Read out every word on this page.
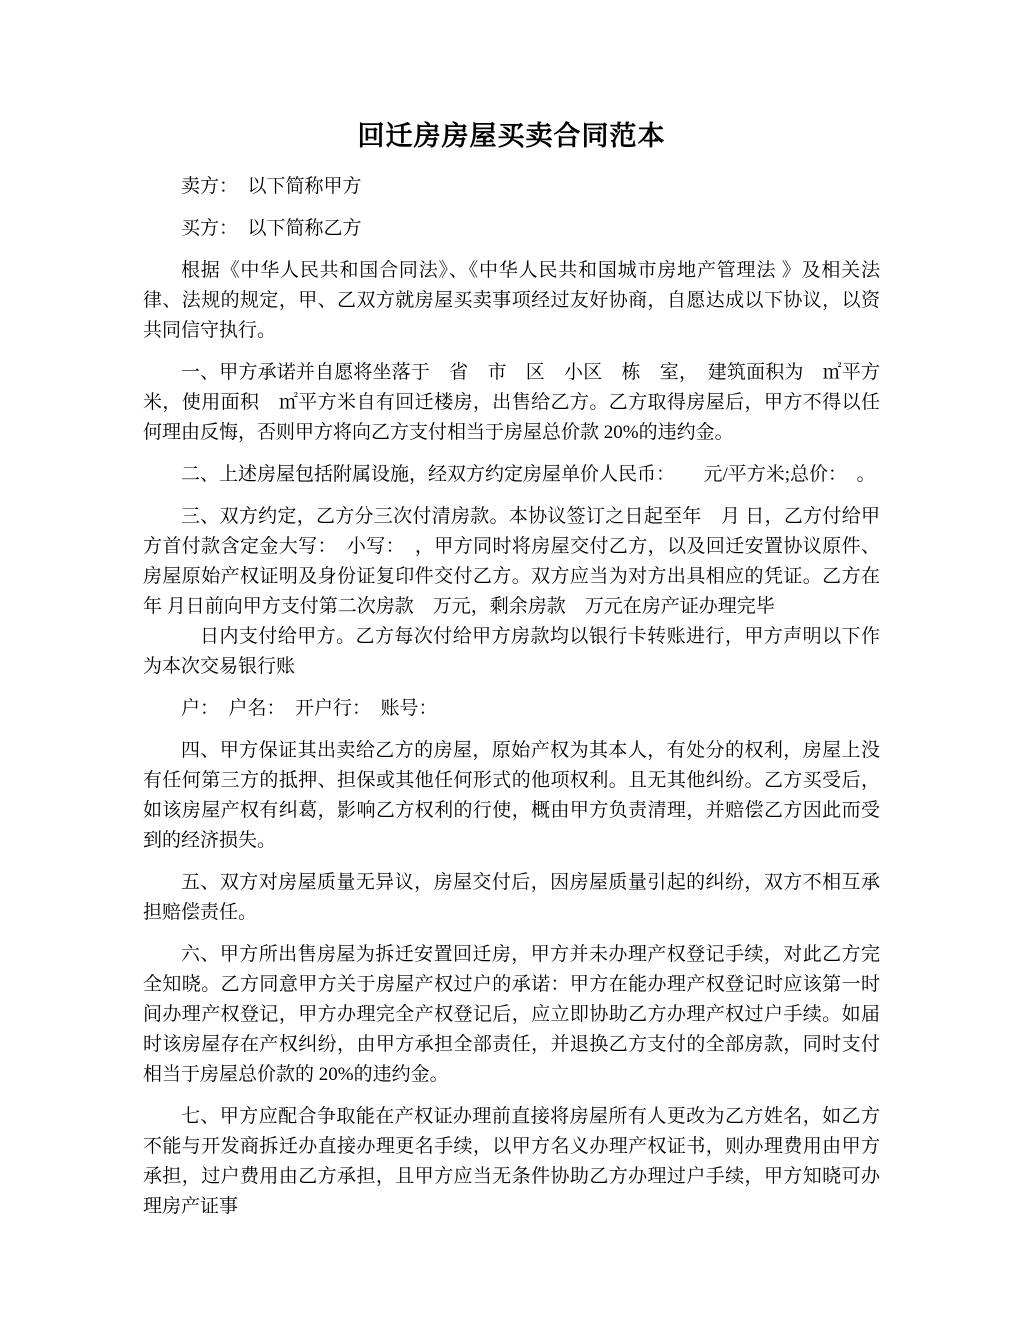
回迁房房屋买卖合同范本

卖方：　以下简称甲方

买方：　以下简称乙方

根据《中华人民共和国合同法》、《中华人民共和国城市房地产管理法 》及相关法律、法规的规定，甲、乙双方就房屋买卖事项经过友好协商，自愿达成以下协议，以资共同信守执行。

一、甲方承诺并自愿将坐落于　省　市　区　小区　栋　室，　建筑面积为　㎡平方米，使用面积　㎡平方米自有回迁楼房，出售给乙方。乙方取得房屋后，甲方不得以任何理由反悔，否则甲方将向乙方支付相当于房屋总价款 20%的违约金。

二、上述房屋包括附属设施，经双方约定房屋单价人民币：　　元/平方米;总价：　。

三、双方约定，乙方分三次付清房款。本协议签订之日起至年　月 日，乙方付给甲方首付款含定金大写：　小写：　，甲方同时将房屋交付乙方，以及回迁安置协议原件、房屋原始产权证明及身份证复印件交付乙方。双方应当为对方出具相应的凭证。乙方在　年 月日前向甲方支付第二次房款　万元，剩余房款　万元在房产证办理完毕

日内支付给甲方。乙方每次付给甲方房款均以银行卡转账进行，甲方声明以下作为本次交易银行账

户：　户名：　开户行：　账号：

四、甲方保证其出卖给乙方的房屋，原始产权为其本人，有处分的权利，房屋上没有任何第三方的抵押、担保或其他任何形式的他项权利。且无其他纠纷。乙方买受后，如该房屋产权有纠葛，影响乙方权利的行使，概由甲方负责清理，并赔偿乙方因此而受到的经济损失。

五、双方对房屋质量无异议，房屋交付后，因房屋质量引起的纠纷，双方不相互承担赔偿责任。

六、甲方所出售房屋为拆迁安置回迁房，甲方并未办理产权登记手续，对此乙方完全知晓。乙方同意甲方关于房屋产权过户的承诺：甲方在能办理产权登记时应该第一时间办理产权登记，甲方办理完全产权登记后，应立即协助乙方办理产权过户手续。如届时该房屋存在产权纠纷，由甲方承担全部责任，并退换乙方支付的全部房款，同时支付相当于房屋总价款的 20%的违约金。

七、甲方应配合争取能在产权证办理前直接将房屋所有人更改为乙方姓名，如乙方不能与开发商拆迁办直接办理更名手续，以甲方名义办理产权证书，则办理费用由甲方承担，过户费用由乙方承担，且甲方应当无条件协助乙方办理过户手续，甲方知晓可办理房产证事
